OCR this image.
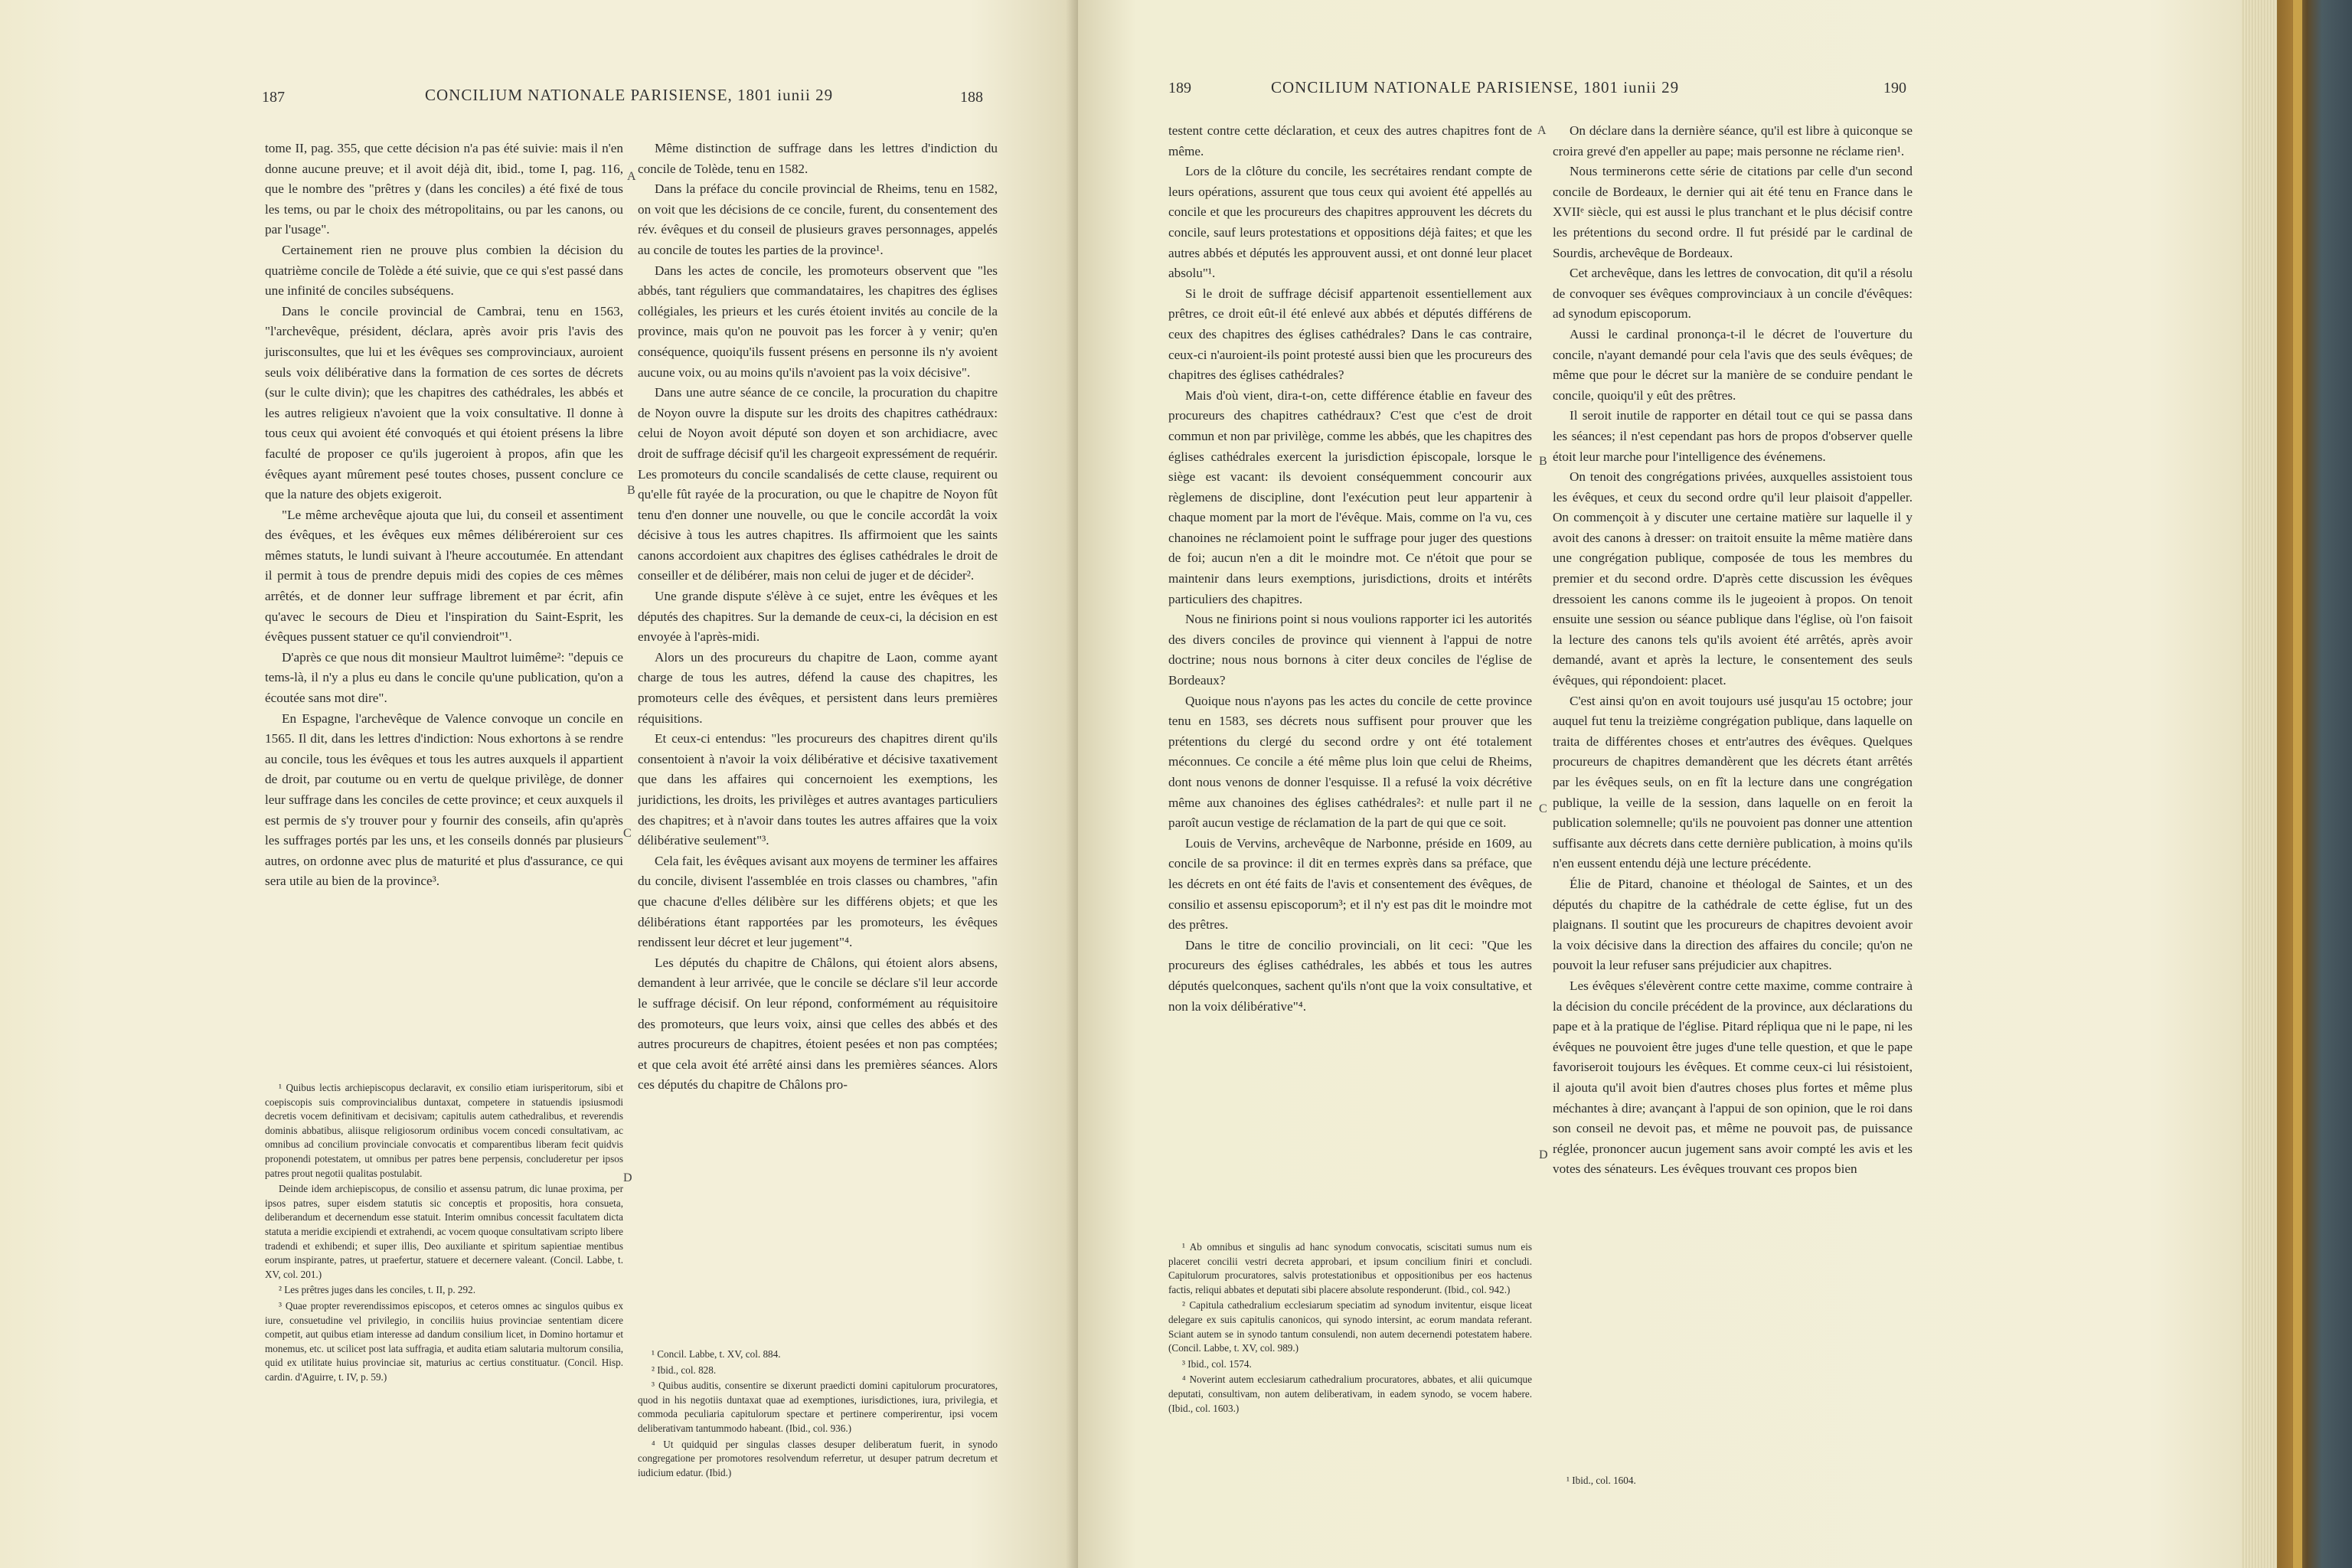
187	CONCILIUM NATIONALE PARISIENSE, 1801 iunii 29	188

tome II, pag. 355, que cette décision n'a pas été suivie: mais il n'en donne aucune preuve; et il avoit déjà dit, ibid., tome I, pag. 116, que le nombre des "prêtres y (dans les conciles) a été fixé de tous les tems, ou par le choix des métropolitains, ou par les canons, ou par l'usage".

Certainement rien ne prouve plus combien la décision du quatrième concile de Tolède a été suivie, que ce qui s'est passé dans une infinité de conciles subséquens.

Dans le concile provincial de Cambrai, tenu en 1563, "l'archevêque, président, déclara, après avoir pris l'avis des jurisconsultes, que lui et les évêques ses comprovinciaux, auroient seuls voix délibérative dans la formation de ces sortes de décrets (sur le culte divin); que les chapitres des cathédrales, les abbés et les autres religieux n'avoient que la voix consultative. Il donne à tous ceux qui avoient été convoqués et qui étoient présens la libre faculté de proposer ce qu'ils jugeroient à propos, afin que les évêques ayant mûrement pesé toutes choses, pussent conclure ce que la nature des objets exigeroit.

"Le même archevêque ajouta que lui, du conseil et assentiment des évêques, et les évêques eux mêmes délibéreroient sur ces mêmes statuts, le lundi suivant à l'heure accoutumée. En attendant il permit à tous de prendre depuis midi des copies de ces mêmes arrêtés, et de donner leur suffrage librement et par écrit, afin qu'avec le secours de Dieu et l'inspiration du Saint-Esprit, les évêques pussent statuer ce qu'il conviendroit"¹.

D'après ce que nous dit monsieur Maultrot luimême²: "depuis ce tems-là, il n'y a plus eu dans le concile qu'une publication, qu'on a écoutée sans mot dire".

En Espagne, l'archevêque de Valence convoque un concile en 1565. Il dit, dans les lettres d'indiction: Nous exhortons à se rendre au concile, tous les évêques et tous les autres auxquels il appartient de droit, par coutume ou en vertu de quelque privilège, de donner leur suffrage dans les conciles de cette province; et ceux auxquels il est permis de s'y trouver pour y fournir des conseils, afin qu'après les suffrages portés par les uns, et les conseils donnés par plusieurs autres, on ordonne avec plus de maturité et plus d'assurance, ce qui sera utile au bien de la province³.

¹ Quibus lectis archiepiscopus declaravit, ex consilio etiam iurisperitorum, sibi et coepiscopis suis comprovincialibus duntaxat, competere in statuendis ipsiusmodi decretis vocem definitivam et decisivam; capitulis autem cathedralibus, et reverendis dominis abbatibus, aliisque religiosorum ordinibus vocem concedi consultativam, ac omnibus ad concilium provinciale convocatis et comparentibus liberam fecit quidvis proponendi potestatem, ut omnibus per patres bene perpensis, concluderetur per ipsos patres prout negotii qualitas postulabit.

Deinde idem archiepiscopus, de consilio et assensu patrum, dic lunae proxima, per ipsos patres, super eisdem statutis sic conceptis et propositis, hora consueta, deliberandum et decernendum esse statuit. Interim omnibus concessit facultatem dicta statuta a meridie excipiendi et extrahendi, ac vocem quoque consultativam scripto libere tradendi et exhibendi; et super illis, Deo auxiliante et spiritum sapientiae mentibus eorum inspirante, patres, ut praefertur, statuere et decernere valeant. (Concil. Labbe, t. XV, col. 201.)

² Les prêtres juges dans les conciles, t. II, p. 292.

³ Quae propter reverendissimos episcopos, et ceteros omnes ac singulos quibus ex iure, consuetudine vel privilegio, in conciliis huius provinciae sententiam dicere competit, aut quibus etiam interesse ad dandum consilium licet, in Domino hortamur et monemus, etc. ut scilicet post lata suffragia, et audita etiam salutaria multorum consilia, quid ex utilitate huius provinciae sit, maturius ac certius constituatur. (Concil. Hisp. cardin. d'Aguirre, t. IV, p. 59.)

A
B
C
D

Même distinction de suffrage dans les lettres d'indiction du concile de Tolède, tenu en 1582.

Dans la préface du concile provincial de Rheims, tenu en 1582, on voit que les décisions de ce concile, furent, du consentement des rév. évêques et du conseil de plusieurs graves personnages, appelés au concile de toutes les parties de la province¹.

Dans les actes de concile, les promoteurs observent que "les abbés, tant réguliers que commandataires, les chapitres des églises collégiales, les prieurs et les curés étoient invités au concile de la province, mais qu'on ne pouvoit pas les forcer à y venir; qu'en conséquence, quoiqu'ils fussent présens en personne ils n'y avoient aucune voix, ou au moins qu'ils n'avoient pas la voix décisive".

Dans une autre séance de ce concile, la procuration du chapitre de Noyon ouvre la dispute sur les droits des chapitres cathédraux: celui de Noyon avoit député son doyen et son archidiacre, avec droit de suffrage décisif qu'il les chargeoit expressément de requérir. Les promoteurs du concile scandalisés de cette clause, requirent ou qu'elle fût rayée de la procuration, ou que le chapitre de Noyon fût tenu d'en donner une nouvelle, ou que le concile accordât la voix décisive à tous les autres chapitres. Ils affirmoient que les saints canons accordoient aux chapitres des églises cathédrales le droit de conseiller et de délibérer, mais non celui de juger et de décider².

Une grande dispute s'élève à ce sujet, entre les évêques et les députés des chapitres. Sur la demande de ceux-ci, la décision en est envoyée à l'après-midi.

Alors un des procureurs du chapitre de Laon, comme ayant charge de tous les autres, défend la cause des chapitres, les promoteurs celle des évêques, et persistent dans leurs premières réquisitions.

Et ceux-ci entendus: "les procureurs des chapitres dirent qu'ils consentoient à n'avoir la voix délibérative et décisive taxativement que dans les affaires qui concernoient les exemptions, les juridictions, les droits, les privilèges et autres avantages particuliers des chapitres; et à n'avoir dans toutes les autres affaires que la voix délibérative seulement"³.

Cela fait, les évêques avisant aux moyens de terminer les affaires du concile, divisent l'assemblée en trois classes ou chambres, "afin que chacune d'elles délibère sur les différens objets; et que les délibérations étant rapportées par les promoteurs, les évêques rendissent leur décret et leur jugement"⁴.

Les députés du chapitre de Châlons, qui étoient alors absens, demandent à leur arrivée, que le concile se déclare s'il leur accorde le suffrage décisif. On leur répond, conformément au réquisitoire des promoteurs, que leurs voix, ainsi que celles des abbés et des autres procureurs de chapitres, étoient pesées et non pas comptées; et que cela avoit été arrêté ainsi dans les premières séances. Alors ces députés du chapitre de Châlons pro-

¹ Concil. Labbe, t. XV, col. 884.

² Ibid., col. 828.

³ Quibus auditis, consentire se dixerunt praedicti domini capitulorum procuratores, quod in his negotiis duntaxat quae ad exemptiones, iurisdictiones, iura, privilegia, et commoda peculiaria capitulorum spectare et pertinere comperirentur, ipsi vocem deliberativam tantummodo habeant. (Ibid., col. 936.)

⁴ Ut quidquid per singulas classes desuper deliberatum fuerit, in synodo congregatione per promotores resolvendum referretur, ut desuper patrum decretum et iudicium edatur. (Ibid.)

189	CONCILIUM NATIONALE PARISIENSE, 1801 iunii 29	190

testent contre cette déclaration, et ceux des autres chapitres font de même.

Lors de la clôture du concile, les secrétaires rendant compte de leurs opérations, assurent que tous ceux qui avoient été appellés au concile et que les procureurs des chapitres approuvent les décrets du concile, sauf leurs protestations et oppositions déjà faites; et que les autres abbés et députés les approuvent aussi, et ont donné leur placet absolu"¹.

Si le droit de suffrage décisif appartenoit essentiellement aux prêtres, ce droit eût-il été enlevé aux abbés et députés différens de ceux des chapitres des églises cathédrales? Dans le cas contraire, ceux-ci n'auroient-ils point protesté aussi bien que les procureurs des chapitres des églises cathédrales?

Mais d'où vient, dira-t-on, cette différence établie en faveur des procureurs des chapitres cathédraux? C'est que c'est de droit commun et non par privilège, comme les abbés, que les chapitres des églises cathédrales exercent la jurisdiction épiscopale, lorsque le siège est vacant: ils devoient conséquemment concourir aux règlemens de discipline, dont l'exécution peut leur appartenir à chaque moment par la mort de l'évêque. Mais, comme on l'a vu, ces chanoines ne réclamoient point le suffrage pour juger des questions de foi; aucun n'en a dit le moindre mot. Ce n'étoit que pour se maintenir dans leurs exemptions, jurisdictions, droits et intérêts particuliers des chapitres.

Nous ne finirions point si nous voulions rapporter ici les autorités des divers conciles de province qui viennent à l'appui de notre doctrine; nous nous bornons à citer deux conciles de l'église de Bordeaux?

Quoique nous n'ayons pas les actes du concile de cette province tenu en 1583, ses décrets nous suffisent pour prouver que les prétentions du clergé du second ordre y ont été totalement méconnues. Ce concile a été même plus loin que celui de Rheims, dont nous venons de donner l'esquisse. Il a refusé la voix décrétive même aux chanoines des églises cathédrales²: et nulle part il ne paroît aucun vestige de réclamation de la part de qui que ce soit.

Louis de Vervins, archevêque de Narbonne, préside en 1609, au concile de sa province: il dit en termes exprès dans sa préface, que les décrets en ont été faits de l'avis et consentement des évêques, de consilio et assensu episcoporum³; et il n'y est pas dit le moindre mot des prêtres.

Dans le titre de concilio provinciali, on lit ceci: "Que les procureurs des églises cathédrales, les abbés et tous les autres députés quelconques, sachent qu'ils n'ont que la voix consultative, et non la voix délibérative"⁴.

¹ Ab omnibus et singulis ad hanc synodum convocatis, sciscitati sumus num eis placeret concilii vestri decreta approbari, et ipsum concilium finiri et concludi. Capitulorum procuratores, salvis protestationibus et oppositionibus per eos hactenus factis, reliqui abbates et deputati sibi placere absolute responderunt. (Ibid., col. 942.)

² Capitula cathedralium ecclesiarum speciatim ad synodum invitentur, eisque liceat delegare ex suis capitulis canonicos, qui synodo intersint, ac eorum mandata referant. Sciant autem se in synodo tantum consulendi, non autem decernendi potestatem habere. (Concil. Labbe, t. XV, col. 989.)

³ Ibid., col. 1574.

⁴ Noverint autem ecclesiarum cathedralium procuratores, abbates, et alii quicumque deputati, consultivam, non autem deliberativam, in eadem synodo, se vocem habere. (Ibid., col. 1603.)

A
B
C
D

On déclare dans la dernière séance, qu'il est libre à quiconque se croira grevé d'en appeller au pape; mais personne ne réclame rien¹.

Nous terminerons cette série de citations par celle d'un second concile de Bordeaux, le dernier qui ait été tenu en France dans le XVIIᵉ siècle, qui est aussi le plus tranchant et le plus décisif contre les prétentions du second ordre. Il fut présidé par le cardinal de Sourdis, archevêque de Bordeaux.

Cet archevêque, dans les lettres de convocation, dit qu'il a résolu de convoquer ses évêques comprovinciaux à un concile d'évêques: ad synodum episcoporum.

Aussi le cardinal prononça-t-il le décret de l'ouverture du concile, n'ayant demandé pour cela l'avis que des seuls évêques; de même que pour le décret sur la manière de se conduire pendant le concile, quoiqu'il y eût des prêtres.

Il seroit inutile de rapporter en détail tout ce qui se passa dans les séances; il n'est cependant pas hors de propos d'observer quelle étoit leur marche pour l'intelligence des événemens.

On tenoit des congrégations privées, auxquelles assistoient tous les évêques, et ceux du second ordre qu'il leur plaisoit d'appeller. On commençoit à y discuter une certaine matière sur laquelle il y avoit des canons à dresser: on traitoit ensuite la même matière dans une congrégation publique, composée de tous les membres du premier et du second ordre. D'après cette discussion les évêques dressoient les canons comme ils le jugeoient à propos. On tenoit ensuite une session ou séance publique dans l'église, où l'on faisoit la lecture des canons tels qu'ils avoient été arrêtés, après avoir demandé, avant et après la lecture, le consentement des seuls évêques, qui répondoient: placet.

C'est ainsi qu'on en avoit toujours usé jusqu'au 15 octobre; jour auquel fut tenu la treizième congrégation publique, dans laquelle on traita de différentes choses et entr'autres des évêques. Quelques procureurs de chapitres demandèrent que les décrets étant arrêtés par les évêques seuls, on en fît la lecture dans une congrégation publique, la veille de la session, dans laquelle on en feroit la publication solemnelle; qu'ils ne pouvoient pas donner une attention suffisante aux décrets dans cette dernière publication, à moins qu'ils n'en eussent entendu déjà une lecture précédente.

Élie de Pitard, chanoine et théologal de Saintes, et un des députés du chapitre de la cathédrale de cette église, fut un des plaignans. Il soutint que les procureurs de chapitres devoient avoir la voix décisive dans la direction des affaires du concile; qu'on ne pouvoit la leur refuser sans préjudicier aux chapitres.

Les évêques s'élevèrent contre cette maxime, comme contraire à la décision du concile précédent de la province, aux déclarations du pape et à la pratique de l'église. Pitard répliqua que ni le pape, ni les évêques ne pouvoient être juges d'une telle question, et que le pape favoriseroit toujours les évêques. Et comme ceux-ci lui résistoient, il ajouta qu'il avoit bien d'autres choses plus fortes et même plus méchantes à dire; avançant à l'appui de son opinion, que le roi dans son conseil ne devoit pas, et même ne pouvoit pas, de puissance réglée, prononcer aucun jugement sans avoir compté les avis et les votes des sénateurs. Les évêques trouvant ces propos bien

¹ Ibid., col. 1604.
